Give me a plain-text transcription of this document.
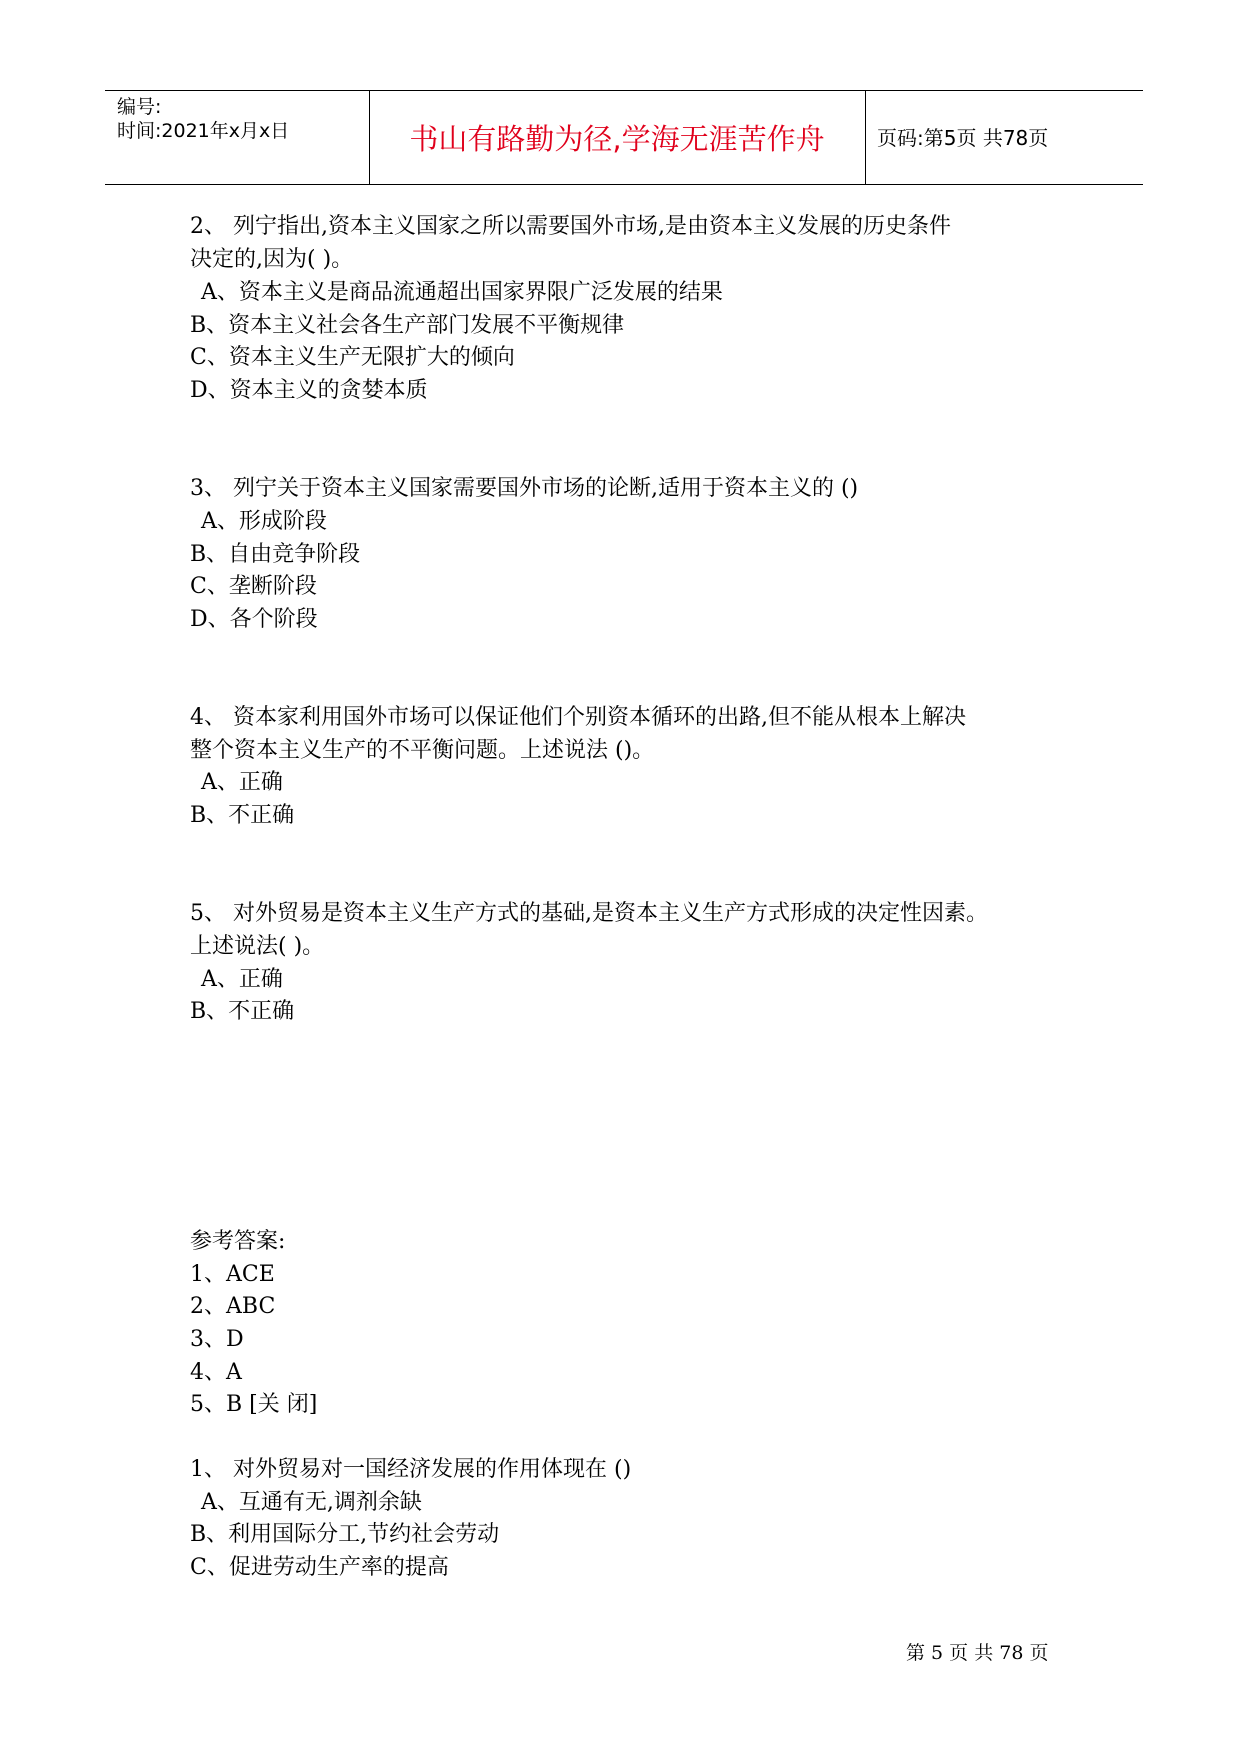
编号:
时间:2021年x月x日	书山有路勤为径,学海无涯苦作舟	页码:第5页 共78页
2、 列宁指出,资本主义国家之所以需要国外市场,是由资本主义发展的历史条件
决定的,因为( )。
A、资本主义是商品流通超出国家界限广泛发展的结果
B、资本主义社会各生产部门发展不平衡规律
C、资本主义生产无限扩大的倾向
D、资本主义的贪婪本质
3、 列宁关于资本主义国家需要国外市场的论断,适用于资本主义的 ()
A、形成阶段
B、自由竞争阶段
C、垄断阶段
D、各个阶段
4、 资本家利用国外市场可以保证他们个别资本循环的出路,但不能从根本上解决
整个资本主义生产的不平衡问题。上述说法 ()。
A、正确
B、不正确
5、 对外贸易是资本主义生产方式的基础,是资本主义生产方式形成的决定性因素。
上述说法( )。
A、正确
B、不正确
参考答案:
1、ACE
2、ABC
3、D
4、A
5、B [关 闭]
1、 对外贸易对一国经济发展的作用体现在 ()
A、互通有无,调剂余缺
B、利用国际分工,节约社会劳动
C、促进劳动生产率的提高
第 5 页 共 78 页
